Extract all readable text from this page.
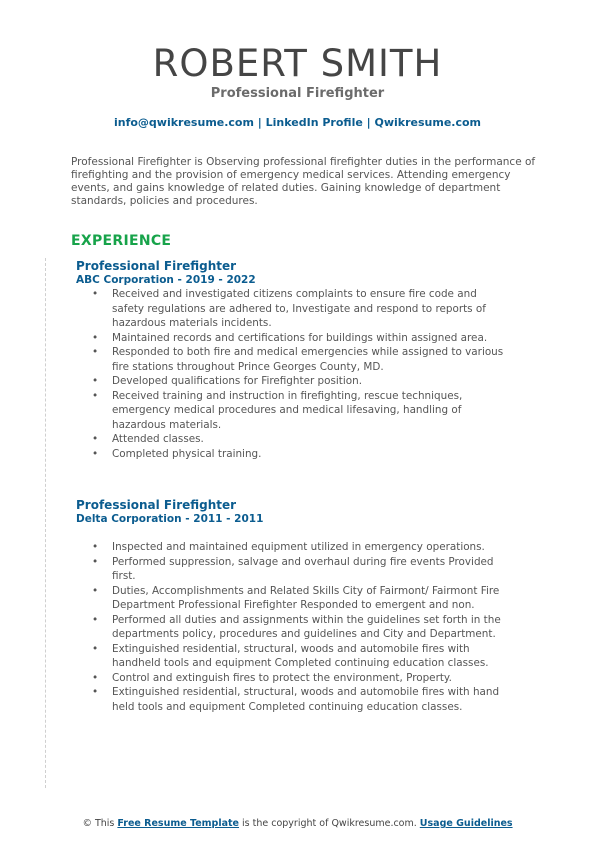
ROBERT SMITH
Professional Firefighter
info@qwikresume.com | LinkedIn Profile | Qwikresume.com
Professional Firefighter is Observing professional firefighter duties in the performance of firefighting and the provision of emergency medical services. Attending emergency events, and gains knowledge of related duties. Gaining knowledge of department standards, policies and procedures.
EXPERIENCE
Professional Firefighter
ABC Corporation - 2019 - 2022
• Received and investigated citizens complaints to ensure fire code and safety regulations are adhered to, Investigate and respond to reports of hazardous materials incidents.
• Maintained records and certifications for buildings within assigned area.
• Responded to both fire and medical emergencies while assigned to various fire stations throughout Prince Georges County, MD.
• Developed qualifications for Firefighter position.
• Received training and instruction in firefighting, rescue techniques, emergency medical procedures and medical lifesaving, handling of hazardous materials.
• Attended classes.
• Completed physical training.
Professional Firefighter
Delta Corporation - 2011 - 2011
• Inspected and maintained equipment utilized in emergency operations.
• Performed suppression, salvage and overhaul during fire events Provided first.
• Duties, Accomplishments and Related Skills City of Fairmont/ Fairmont Fire Department Professional Firefighter Responded to emergent and non.
• Performed all duties and assignments within the guidelines set forth in the departments policy, procedures and guidelines and City and Department.
• Extinguished residential, structural, woods and automobile fires with handheld tools and equipment Completed continuing education classes.
• Control and extinguish fires to protect the environment, Property.
• Extinguished residential, structural, woods and automobile fires with hand held tools and equipment Completed continuing education classes.
© This Free Resume Template is the copyright of Qwikresume.com. Usage Guidelines
